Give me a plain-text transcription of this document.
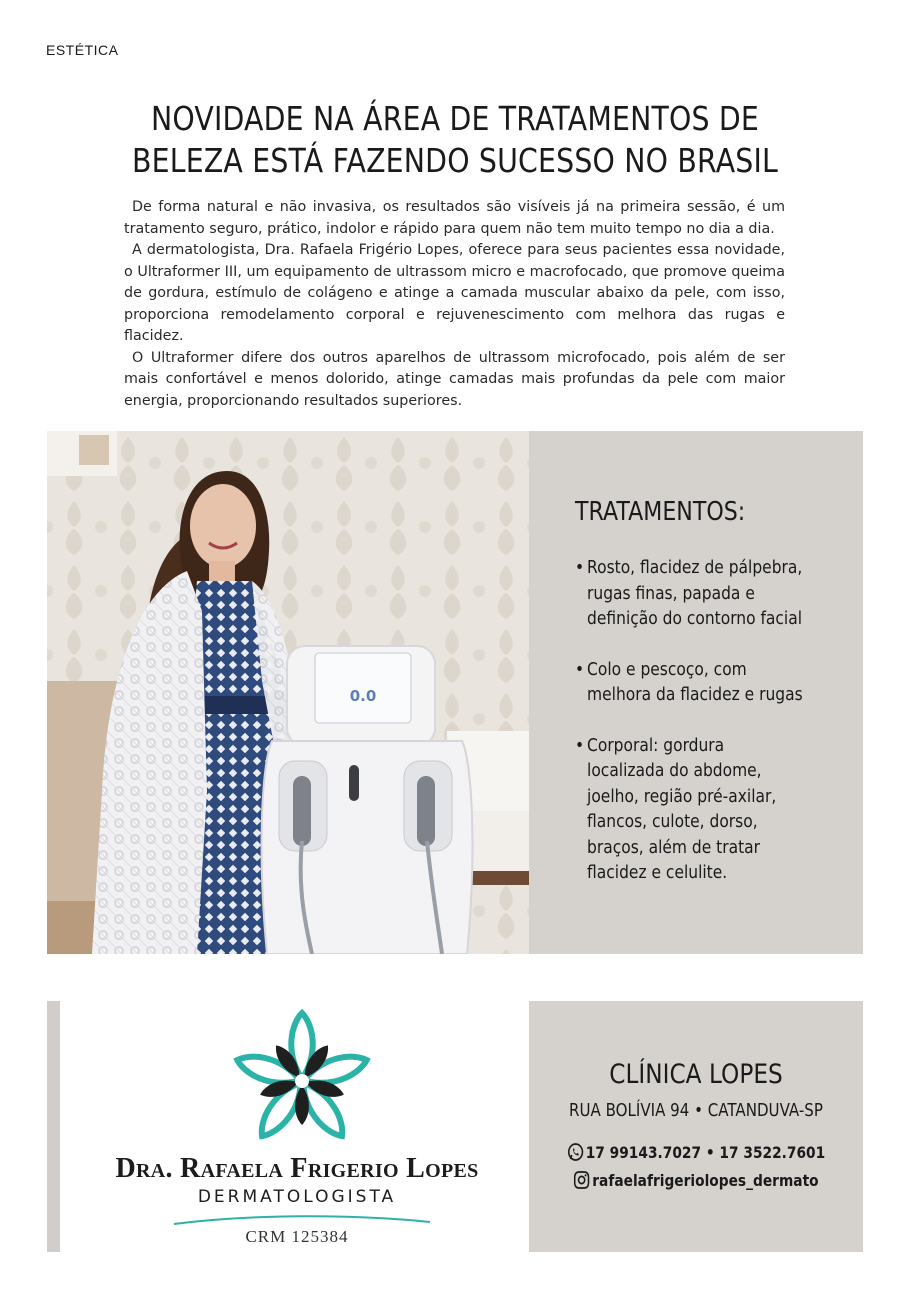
ESTÉTICA
NOVIDADE NA ÁREA DE TRATAMENTOS DE
BELEZA ESTÁ FAZENDO SUCESSO NO BRASIL

De forma natural e não invasiva, os resultados são visíveis já na primeira sessão, é um tratamento seguro, prático, indolor e rápido para quem não tem muito tempo no dia a dia.

A dermatologista, Dra. Rafaela Frigério Lopes, oferece para seus pacientes essa novidade, o Ultraformer III, um equipamento de ultrassom micro e macrofocado, que promove queima de gordura, estímulo de colágeno e atinge a camada muscular abaixo da pele, com isso, proporciona remodelamento corporal e rejuvenescimento com melhora das rugas e flacidez.

O Ultraformer difere dos outros aparelhos de ultrassom microfocado, pois além de ser mais confortável e menos dolorido, atinge camadas mais profundas da pele com maior energia, proporcionando resultados superiores.

0.0
TRATAMENTOS:
• Rosto, flacidez de pálpebra,
rugas finas, papada e
definição do contorno facial
• Colo e pescoço, com
melhora da flacidez e rugas
• Corporal: gordura
localizada do abdome,
joelho, região pré-axilar,
flancos, culote, dorso,
braços, além de tratar
flacidez e celulite.
Dra. Rafaela Frigerio Lopes
DERMATOLOGISTA
CRM 125384
CLÍNICA LOPES
RUA BOLÍVIA 94 • CATANDUVA-SP
17 99143.7027 • 17 3522.7601
rafaelafrigeriolopes_dermato
